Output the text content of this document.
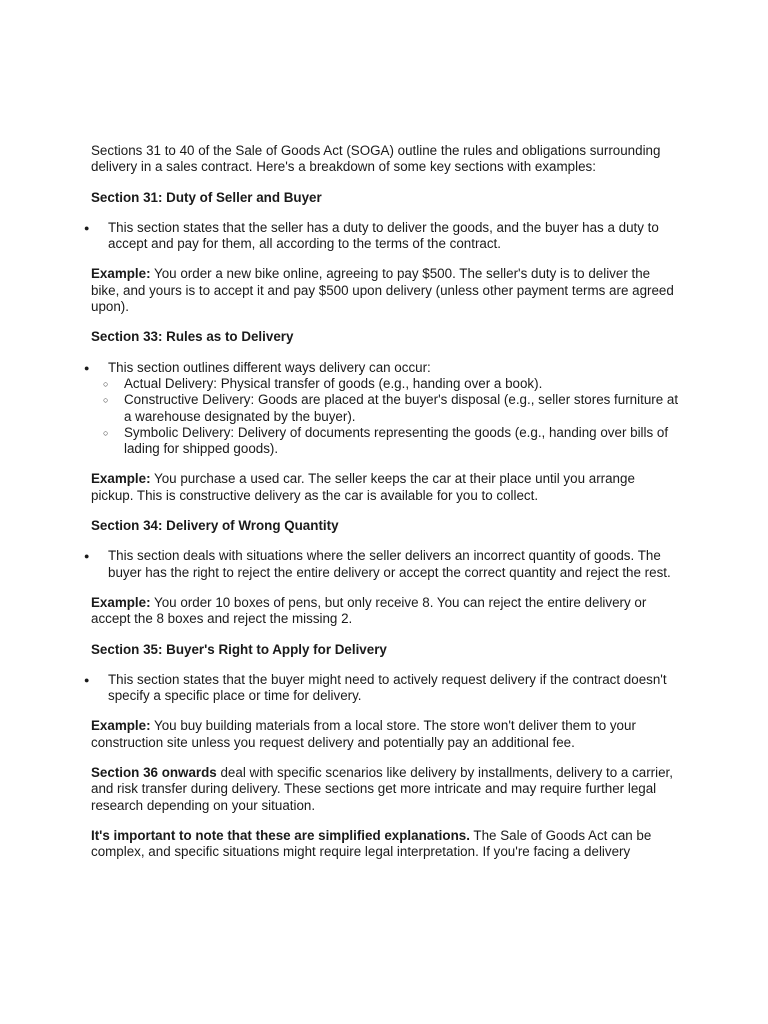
Sections 31 to 40 of the Sale of Goods Act (SOGA) outline the rules and obligations surrounding delivery in a sales contract. Here's a breakdown of some key sections with examples:

Section 31: Duty of Seller and Buyer

● This section states that the seller has a duty to deliver the goods, and the buyer has a duty to accept and pay for them, all according to the terms of the contract.

Example: You order a new bike online, agreeing to pay $500. The seller's duty is to deliver the bike, and yours is to accept it and pay $500 upon delivery (unless other payment terms are agreed upon).

Section 33: Rules as to Delivery

● This section outlines different ways delivery can occur:
○ Actual Delivery: Physical transfer of goods (e.g., handing over a book).
○ Constructive Delivery: Goods are placed at the buyer's disposal (e.g., seller stores furniture at a warehouse designated by the buyer).
○ Symbolic Delivery: Delivery of documents representing the goods (e.g., handing over bills of lading for shipped goods).

Example: You purchase a used car. The seller keeps the car at their place until you arrange pickup. This is constructive delivery as the car is available for you to collect.

Section 34: Delivery of Wrong Quantity

● This section deals with situations where the seller delivers an incorrect quantity of goods. The buyer has the right to reject the entire delivery or accept the correct quantity and reject the rest.

Example: You order 10 boxes of pens, but only receive 8. You can reject the entire delivery or accept the 8 boxes and reject the missing 2.

Section 35: Buyer's Right to Apply for Delivery

● This section states that the buyer might need to actively request delivery if the contract doesn't specify a specific place or time for delivery.

Example: You buy building materials from a local store. The store won't deliver them to your construction site unless you request delivery and potentially pay an additional fee.

Section 36 onwards deal with specific scenarios like delivery by installments, delivery to a carrier, and risk transfer during delivery. These sections get more intricate and may require further legal research depending on your situation.

It's important to note that these are simplified explanations. The Sale of Goods Act can be complex, and specific situations might require legal interpretation. If you're facing a delivery
